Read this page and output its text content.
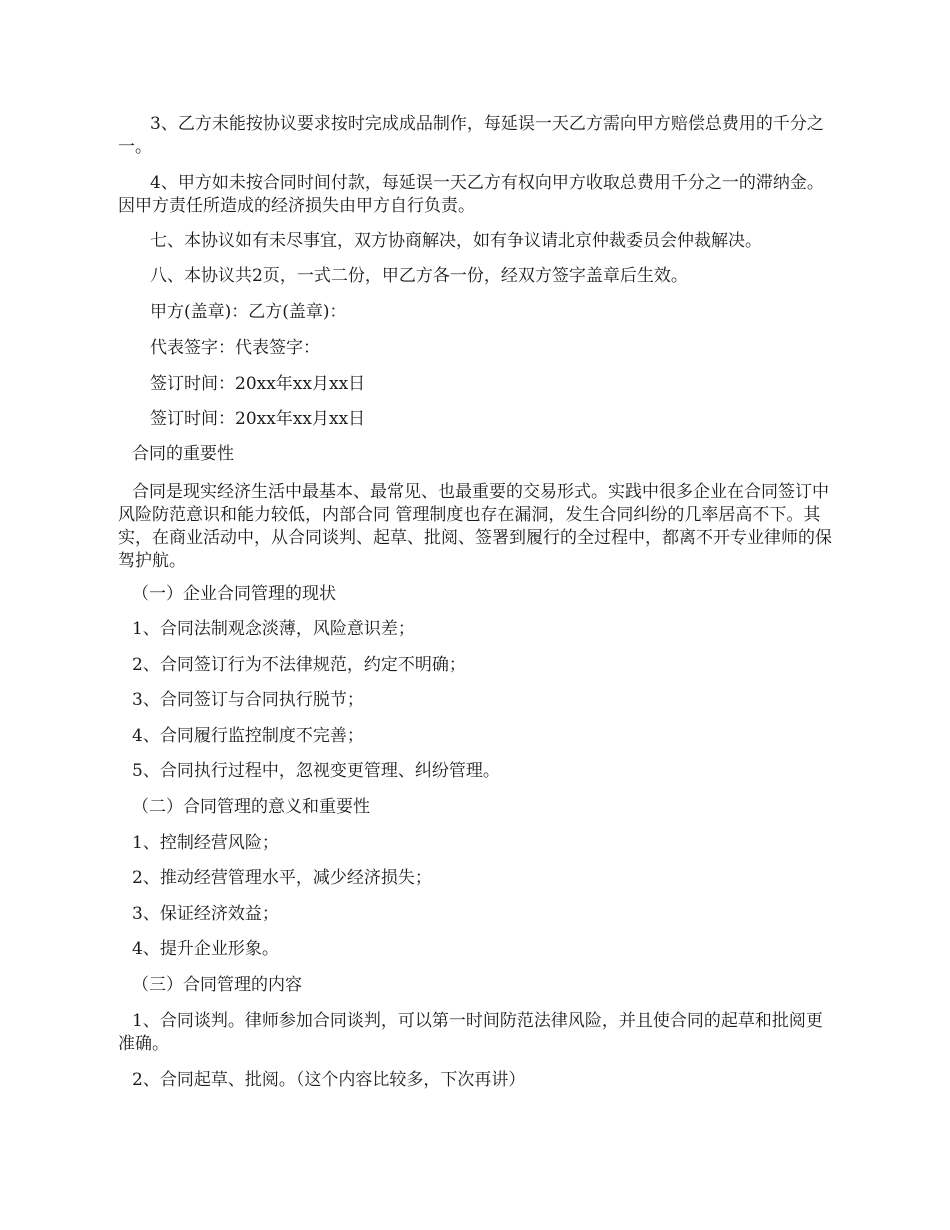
3、乙方未能按协议要求按时完成成品制作，每延误一天乙方需向甲方赔偿总费用的千分之一。

4、甲方如未按合同时间付款，每延误一天乙方有权向甲方收取总费用千分之一的滞纳金。因甲方责任所造成的经济损失由甲方自行负责。

七、本协议如有未尽事宜，双方协商解决，如有争议请北京仲裁委员会仲裁解决。

八、本协议共2页，一式二份，甲乙方各一份，经双方签字盖章后生效。

甲方(盖章)：乙方(盖章)：

代表签字：代表签字：

签订时间：20xx年xx月xx日

签订时间：20xx年xx月xx日

合同的重要性

合同是现实经济生活中最基本、最常见、也最重要的交易形式。实践中很多企业在合同签订中 风险防范意识和能力较低，内部合同 管理制度也存在漏洞，发生合同纠纷的几率居高不下。其实，在商业活动中，从合同谈判、起草、批阅、签署到履行的全过程中，都离不开专业律师的保驾护航。

（一）企业合同管理的现状

1、合同法制观念淡薄，风险意识差；

2、合同签订行为不法律规范，约定不明确；

3、合同签订与合同执行脱节；

4、合同履行监控制度不完善；

5、合同执行过程中，忽视变更管理、纠纷管理。

（二）合同管理的意义和重要性

1、控制经营风险；

2、推动经营管理水平，减少经济损失；

3、保证经济效益；

4、提升企业形象。

（三）合同管理的内容

1、合同谈判。律师参加合同谈判，可以第一时间防范法律风险，并且使合同的起草和批阅更准确。

2、合同起草、批阅。（这个内容比较多，下次再讲）
